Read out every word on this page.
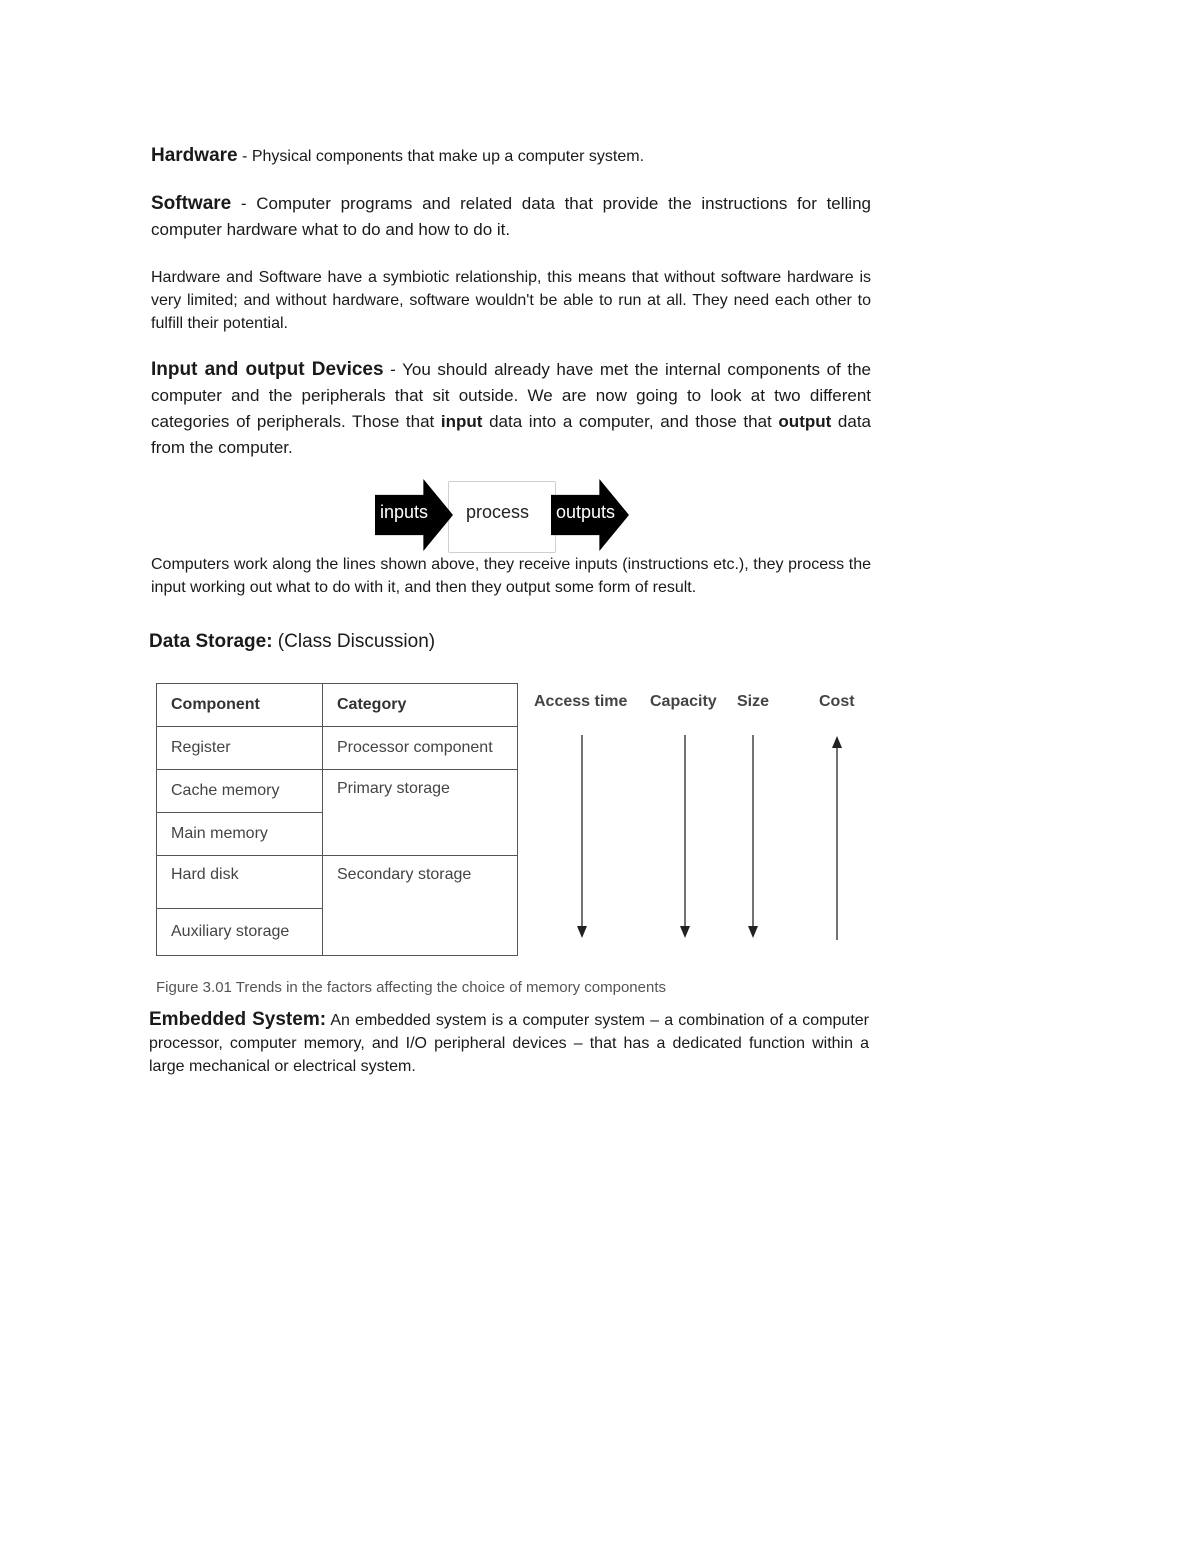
Hardware - Physical components that make up a computer system.

Software - Computer programs and related data that provide the instructions for telling computer hardware what to do and how to do it.

Hardware and Software have a symbiotic relationship, this means that without software hardware is very limited; and without hardware, software wouldn't be able to run at all. They need each other to fulfill their potential.

Input and output Devices - You should already have met the internal components of the computer and the peripherals that sit outside. We are now going to look at two different categories of peripherals. Those that input data into a computer, and those that output data from the computer.

inputs process outputs

Computers work along the lines shown above, they receive inputs (instructions etc.), they process the input working out what to do with it, and then they output some form of result.

Data Storage: (Class Discussion)

Component	Category
Register	Processor component
Cache memory	Primary storage
Main memory	
Hard disk	Secondary storage
Auxiliary storage	
Access time Capacity Size	Cost

Figure 3.01 Trends in the factors affecting the choice of memory components

Embedded System: An embedded system is a computer system – a combination of a computer processor, computer memory, and I/O peripheral devices – that has a dedicated function within a large mechanical or electrical system.
